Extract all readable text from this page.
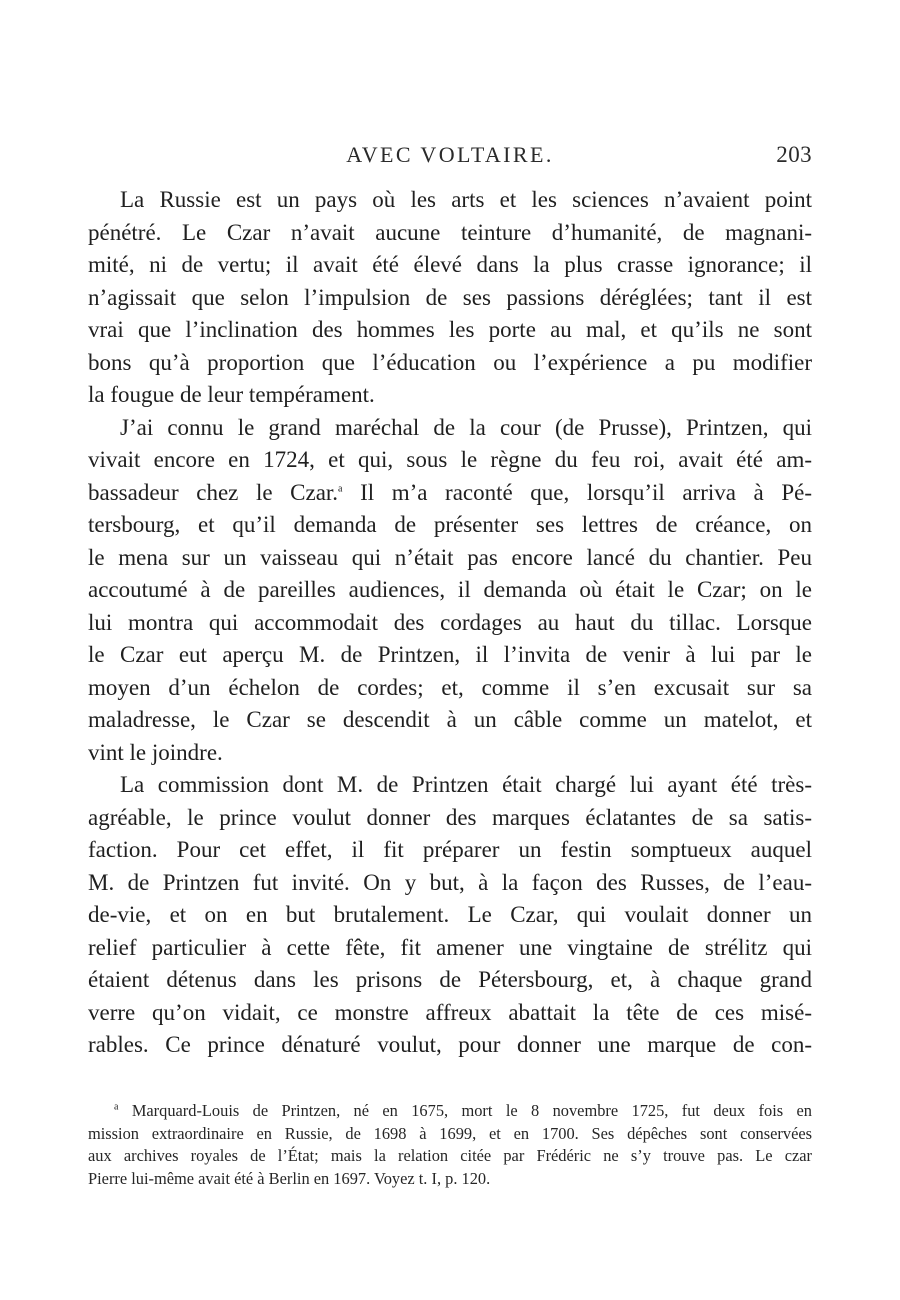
AVEC VOLTAIRE.	203
La Russie est un pays où les arts et les sciences n’avaient point
pénétré. Le Czar n’avait aucune teinture d’humanité, de magnani-
mité, ni de vertu; il avait été élevé dans la plus crasse ignorance; il
n’agissait que selon l’impulsion de ses passions déréglées; tant il est
vrai que l’inclination des hommes les porte au mal, et qu’ils ne sont
bons qu’à proportion que l’éducation ou l’expérience a pu modifier
la fougue de leur tempérament.
J’ai connu le grand maréchal de la cour (de Prusse), Printzen, qui
vivait encore en 1724, et qui, sous le règne du feu roi, avait été am-
bassadeur chez le Czar.$^a$ Il m’a raconté que, lorsqu’il arriva à Pé-
tersbourg, et qu’il demanda de présenter ses lettres de créance, on
le mena sur un vaisseau qui n’était pas encore lancé du chantier. Peu
accoutumé à de pareilles audiences, il demanda où était le Czar; on le
lui montra qui accommodait des cordages au haut du tillac. Lorsque
le Czar eut aperçu M. de Printzen, il l’invita de venir à lui par le
moyen d’un échelon de cordes; et, comme il s’en excusait sur sa
maladresse, le Czar se descendit à un câble comme un matelot, et
vint le joindre.
La commission dont M. de Printzen était chargé lui ayant été très-
agréable, le prince voulut donner des marques éclatantes de sa satis-
faction. Pour cet effet, il fit préparer un festin somptueux auquel
M. de Printzen fut invité. On y but, à la façon des Russes, de l’eau-
de-vie, et on en but brutalement. Le Czar, qui voulait donner un
relief particulier à cette fête, fit amener une vingtaine de strélitz qui
étaient détenus dans les prisons de Pétersbourg, et, à chaque grand
verre qu’on vidait, ce monstre affreux abattait la tête de ces misé-
rables. Ce prince dénaturé voulut, pour donner une marque de con-
$^a$ Marquard-Louis de Printzen, né en 1675, mort le 8 novembre 1725, fut deux fois en
mission extraordinaire en Russie, de 1698 à 1699, et en 1700. Ses dépêches sont conservées
aux archives royales de l’État; mais la relation citée par Frédéric ne s’y trouve pas. Le czar
Pierre lui-même avait été à Berlin en 1697. Voyez t. I, p. 120.
